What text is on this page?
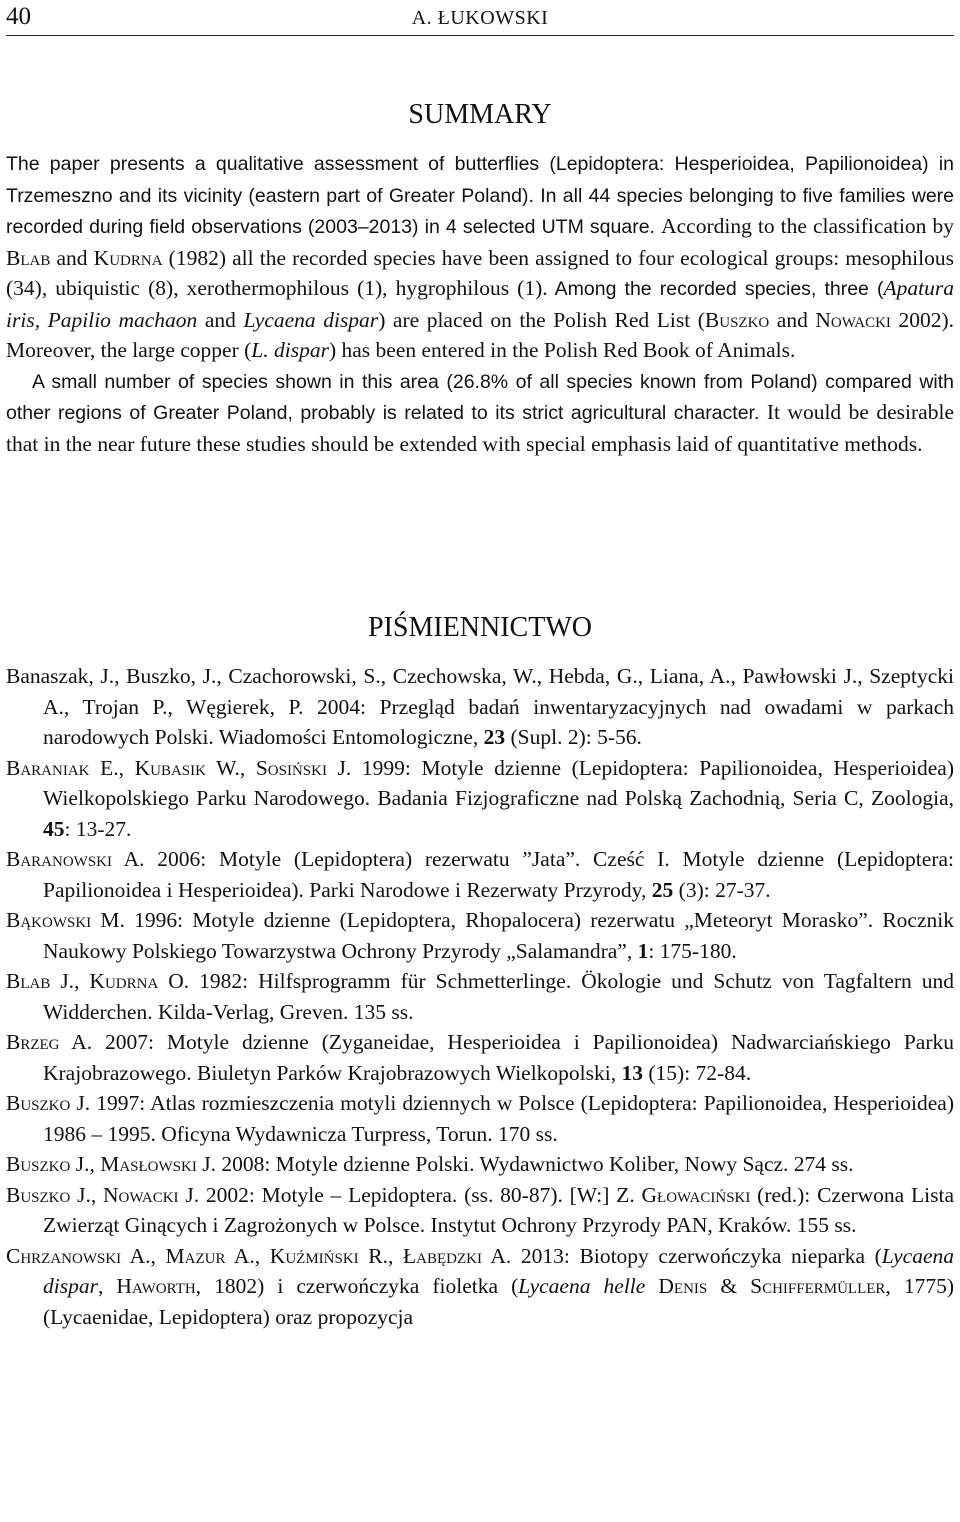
40	A. ŁUKOWSKI
SUMMARY

The paper presents a qualitative assessment of butterflies (Lepidoptera: Hesperioidea, Papilionoidea) in Trzemeszno and its vicinity (eastern part of Greater Poland). In all 44 species belonging to five families were recorded during field observations (2003–2013) in 4 selected UTM square. According to the classification by Blab and Kudrna (1982) all the recorded species have been assigned to four ecological groups: mesophilous (34), ubiquistic (8), xerothermophilous (1), hygrophilous (1). Among the recorded species, three (Apatura iris, Papilio machaon and Lycaena dispar) are placed on the Polish Red List (Buszko and Nowacki 2002). Moreover, the large copper (L. dispar) has been entered in the Polish Red Book of Animals.

A small number of species shown in this area (26.8% of all species known from Poland) compared with other regions of Greater Poland, probably is related to its strict agricultural character. It would be desirable that in the near future these studies should be extended with special emphasis laid of quantitative methods.

PIŚMIENNICTWO

Banaszak, J., Buszko, J., Czachorowski, S., Czechowska, W., Hebda, G., Liana, A., Pawłowski J., Szeptycki A., Trojan P., Węgierek, P. 2004: Przegląd badań inwentaryzacyjnych nad owadami w parkach narodowych Polski. Wiadomości Entomologiczne, 23 (Supl. 2): 5-56.

Baraniak E., Kubasik W., Sosiński J. 1999: Motyle dzienne (Lepidoptera: Papilionoidea, Hesperioidea) Wielkopolskiego Parku Narodowego. Badania Fizjograficzne nad Polską Zachodnią, Seria C, Zoologia, 45: 13-27.

Baranowski A. 2006: Motyle (Lepidoptera) rezerwatu ”Jata”. Cześć I. Motyle dzienne (Lepidoptera: Papilionoidea i Hesperioidea). Parki Narodowe i Rezerwaty Przyrody, 25 (3): 27-37.

Bąkowski M. 1996: Motyle dzienne (Lepidoptera, Rhopalocera) rezerwatu „Meteoryt Morasko”. Rocznik Naukowy Polskiego Towarzystwa Ochrony Przyrody „Salamandra”, 1: 175-180.

Blab J., Kudrna O. 1982: Hilfsprogramm für Schmetterlinge. Ökologie und Schutz von Tagfaltern und Widderchen. Kilda-Verlag, Greven. 135 ss.

Brzeg A. 2007: Motyle dzienne (Zyganeidae, Hesperioidea i Papilionoidea) Nadwarciańskiego Parku Krajobrazowego. Biuletyn Parków Krajobrazowych Wielkopolski, 13 (15): 72-84.

Buszko J. 1997: Atlas rozmieszczenia motyli dziennych w Polsce (Lepidoptera: Papilionoidea, Hesperioidea) 1986 – 1995. Oficyna Wydawnicza Turpress, Torun. 170 ss.

Buszko J., Masłowski J. 2008: Motyle dzienne Polski. Wydawnictwo Koliber, Nowy Sącz. 274 ss.

Buszko J., Nowacki J. 2002: Motyle – Lepidoptera. (ss. 80-87). [W:] Z. Głowaciński (red.): Czerwona Lista Zwierząt Ginących i Zagrożonych w Polsce. Instytut Ochrony Przyrody PAN, Kraków. 155 ss.

Chrzanowski A., Mazur A., Kuźmiński R., Łabędzki A. 2013: Biotopy czerwończyka nieparka (Lycaena dispar, Haworth, 1802) i czerwończyka fioletka (Lycaena helle Denis & Schiffermüller, 1775) (Lycaenidae, Lepidoptera) oraz propozycja
